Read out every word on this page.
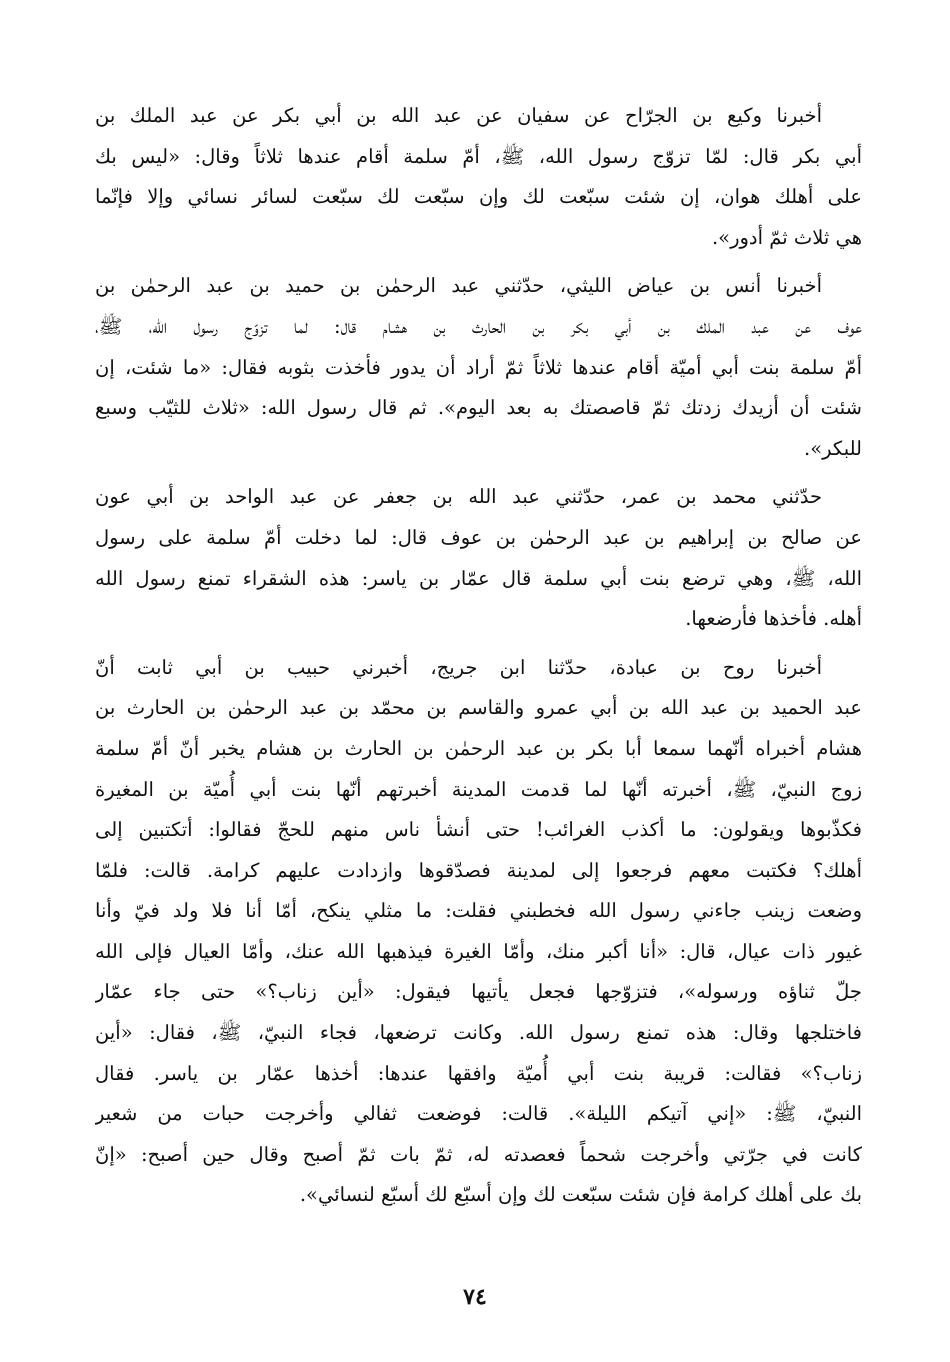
أخبرنا وكيع بن الجرّاح عن سفيان عن عبد الله بن أبي بكر عن عبد الملك بن
أبي بكر قال: لمّا تزوّج رسول الله، ﷺ، أمّ سلمة أقام عندها ثلاثاً وقال: «ليس بك
على أهلك هوان، إن شئت سبّعت لك وإن سبّعت لك سبّعت لسائر نسائي وإلا فإنّما
هي ثلاث ثمّ أدور».
أخبرنا أنس بن عياض الليثي، حدّثني عبد الرحمٰن بن حميد بن عبد الرحمٰن بن
عوف عن عبد الملك بن أبي بكر بن الحارث بن هشام قال: لما تزوّج رسول الله، ﷺ،
أمّ سلمة بنت أبي أميّة أقام عندها ثلاثاً ثمّ أراد أن يدور فأخذت بثوبه فقال: «ما شئت، إن
شئت أن أزيدك زدتك ثمّ قاصصتك به بعد اليوم». ثم قال رسول الله: «ثلاث للثيّب وسبع
للبكر».
حدّثني محمد بن عمر، حدّثني عبد الله بن جعفر عن عبد الواحد بن أبي عون
عن صالح بن إبراهيم بن عبد الرحمٰن بن عوف قال: لما دخلت أمّ سلمة على رسول
الله، ﷺ، وهي ترضع بنت أبي سلمة قال عمّار بن ياسر: هذه الشقراء تمنع رسول الله
أهله. فأخذها فأرضعها.
أخبرنا روح بن عبادة، حدّثنا ابن جريج، أخبرني حبيب بن أبي ثابت أنّ
عبد الحميد بن عبد الله بن أبي عمرو والقاسم بن محمّد بن عبد الرحمٰن بن الحارث بن
هشام أخبراه أنّهما سمعا أبا بكر بن عبد الرحمٰن بن الحارث بن هشام يخبر أنّ أمّ سلمة
زوج النبيّ، ﷺ، أخبرته أنّها لما قدمت المدينة أخبرتهم أنّها بنت أبي أُميّة بن المغيرة
فكذّبوها ويقولون: ما أكذب الغرائب! حتى أنشأ ناس منهم للحجّ فقالوا: أتكتبين إلى
أهلك؟ فكتبت معهم فرجعوا إلى لمدينة فصدّقوها وازدادت عليهم كرامة. قالت: فلمّا
وضعت زينب جاءني رسول الله فخطبني فقلت: ما مثلي ينكح، أمّا أنا فلا ولد فيّ وأنا
غيور ذات عيال، قال: «أنا أكبر منك، وأمّا الغيرة فيذهبها الله عنك، وأمّا العيال فإلى الله
جلّ ثناؤه ورسوله»، فتزوّجها فجعل يأتيها فيقول: «أين زناب؟» حتى جاء عمّار
فاختلجها وقال: هذه تمنع رسول الله. وكانت ترضعها، فجاء النبيّ، ﷺ، فقال: «أين
زناب؟» فقالت: قريبة بنت أبي أُميّة وافقها عندها: أخذها عمّار بن ياسر. فقال
النبيّ، ﷺ: «إني آتيكم الليلة». قالت: فوضعت ثفالي وأخرجت حبات من شعير
كانت في جرّتي وأخرجت شحماً فعصدته له، ثمّ بات ثمّ أصبح وقال حين أصبح: «إنّ
بك على أهلك كرامة فإن شئت سبّعت لك وإن أسبّع لك أسبّع لنسائي».
٧٤
